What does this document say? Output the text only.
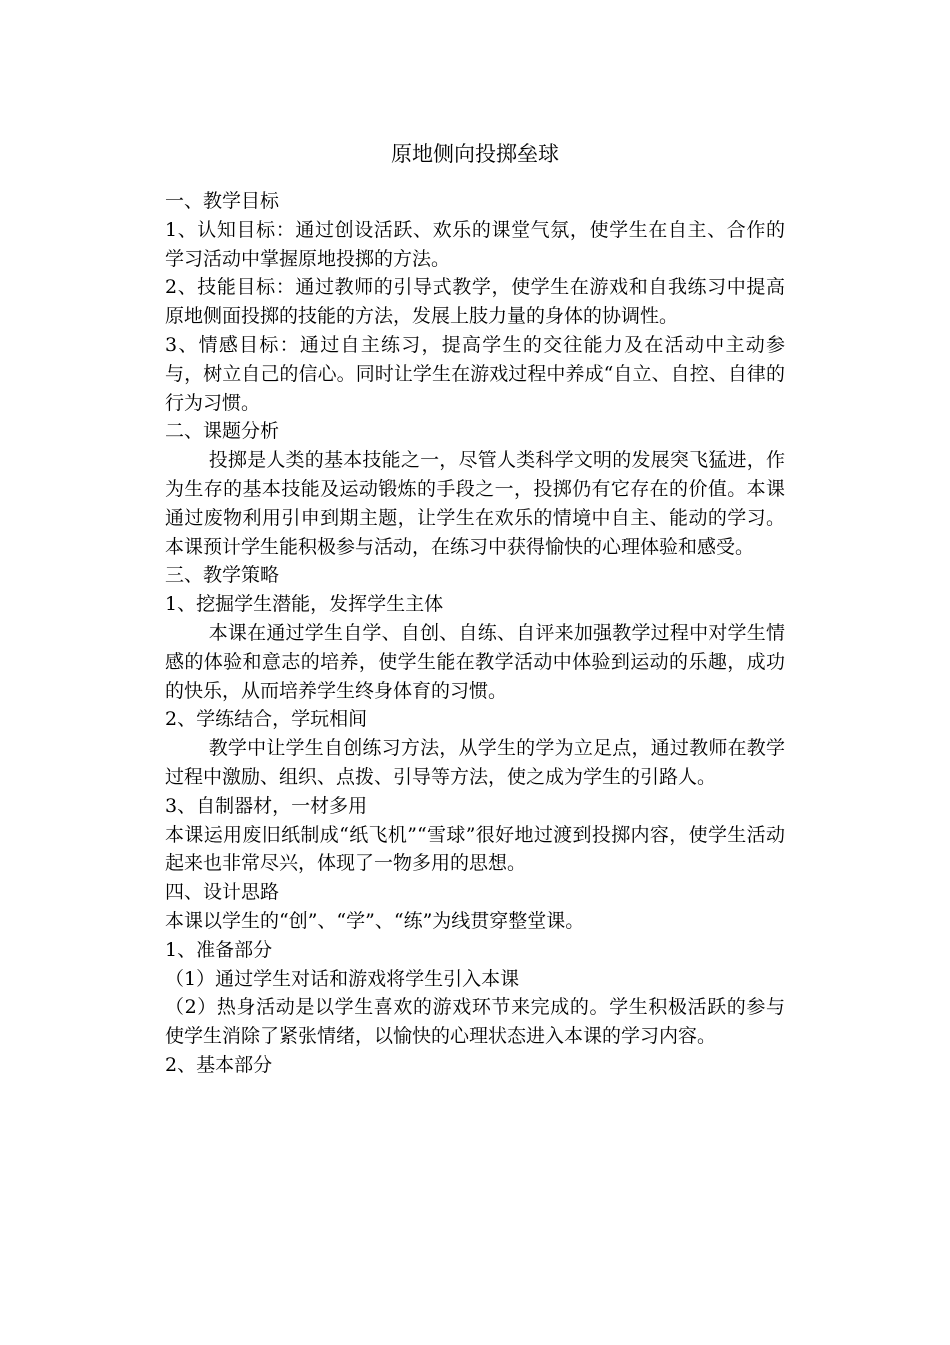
原地侧向投掷垒球

一、教学目标

1、认知目标：通过创设活跃、欢乐的课堂气氛，使学生在自主、合作的学习活动中掌握原地投掷的方法。

2、技能目标：通过教师的引导式教学，使学生在游戏和自我练习中提高原地侧面投掷的技能的方法，发展上肢力量的身体的协调性。

3、情感目标：通过自主练习，提高学生的交往能力及在活动中主动参与，树立自己的信心。同时让学生在游戏过程中养成“自立、自控、自律的行为习惯。

二、课题分析

投掷是人类的基本技能之一，尽管人类科学文明的发展突飞猛进，作为生存的基本技能及运动锻炼的手段之一，投掷仍有它存在的价值。本课通过废物利用引申到期主题，让学生在欢乐的情境中自主、能动的学习。本课预计学生能积极参与活动，在练习中获得愉快的心理体验和感受。

三、教学策略

1、挖掘学生潜能，发挥学生主体

本课在通过学生自学、自创、自练、自评来加强教学过程中对学生情感的体验和意志的培养，使学生能在教学活动中体验到运动的乐趣，成功的快乐，从而培养学生终身体育的习惯。

2、学练结合，学玩相间

教学中让学生自创练习方法，从学生的学为立足点，通过教师在教学过程中激励、组织、点拨、引导等方法，使之成为学生的引路人。

3、自制器材，一材多用

本课运用废旧纸制成“纸飞机”“雪球”很好地过渡到投掷内容，使学生活动起来也非常尽兴，体现了一物多用的思想。

四、设计思路

本课以学生的“创”、“学”、“练”为线贯穿整堂课。

1、准备部分

（1）通过学生对话和游戏将学生引入本课

（2）热身活动是以学生喜欢的游戏环节来完成的。学生积极活跃的参与使学生消除了紧张情绪，以愉快的心理状态进入本课的学习内容。

2、基本部分
